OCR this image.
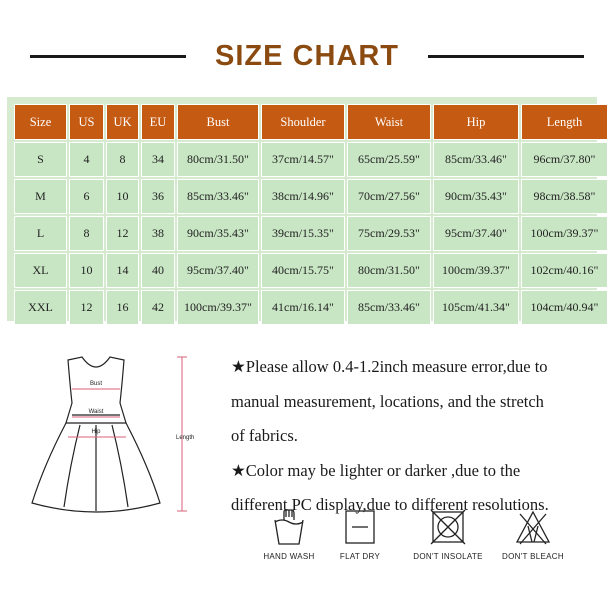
SIZE CHART
Size	US	UK	EU	Bust	Shoulder	Waist	Hip	Length
S	4	8	34	80cm/31.50"	37cm/14.57"	65cm/25.59"	85cm/33.46"	96cm/37.80"
M	6	10	36	85cm/33.46"	38cm/14.96"	70cm/27.56"	90cm/35.43"	98cm/38.58"
L	8	12	38	90cm/35.43"	39cm/15.35"	75cm/29.53"	95cm/37.40"	100cm/39.37"
XL	10	14	40	95cm/37.40"	40cm/15.75"	80cm/31.50"	100cm/39.37"	102cm/40.16"
XXL	12	16	42	100cm/39.37"	41cm/16.14"	85cm/33.46"	105cm/41.34"	104cm/40.94"
Bust
Waist
Hip
Length
★Please allow 0.4-1.2inch measure error,due to
manual measurement, locations, and the stretch
of fabrics.
★Color may be lighter or darker ,due to the
different PC display,due to different resolutions.
HAND WASH	FLAT DRY	DON'T INSOLATE	DON'T BLEACH
